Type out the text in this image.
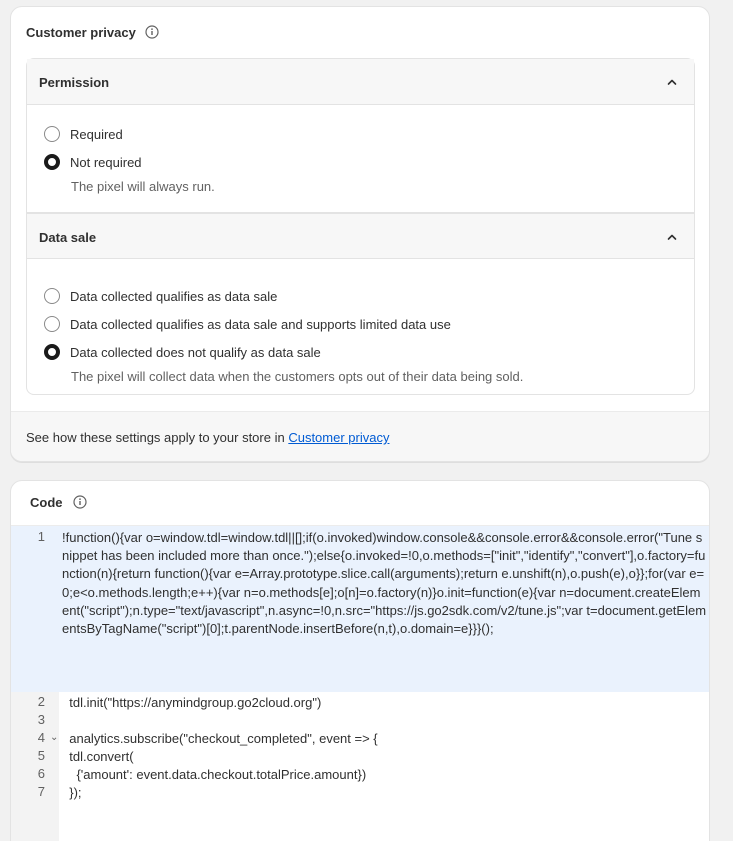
Customer privacy
Permission
Required
Not required
The pixel will always run.
Data sale
Data collected qualifies as data sale
Data collected qualifies as data sale and supports limited data use
Data collected does not qualify as data sale
The pixel will collect data when the customers opts out of their data being sold.
See how these settings apply to your store in Customer privacy
Code
1
2
3
4 ⌄
5
6
7
!function(){var o=window.tdl=window.tdl||[];if(o.invoked)window.console&&console.error&&console.error("Tune snippet has been included more than once.");else{o.invoked=!0,o.methods=["init","identify","convert"],o.factory=function(n){return function(){var e=Array.prototype.slice.call(arguments);return e.unshift(n),o.push(e),o}};for(var e=0;e<o.methods.length;e++){var n=o.methods[e];o[n]=o.factory(n)}o.init=function(e){var n=document.createElement("script");n.type="text/javascript",n.async=!0,n.src="https://js.go2sdk.com/v2/tune.js";var t=document.getElementsByTagName("script")[0];t.parentNode.insertBefore(n,t),o.domain=e}}}();
tdl.init("https://anymindgroup.go2cloud.org")
analytics.subscribe("checkout_completed", event => {
tdl.convert(
{'amount': event.data.checkout.totalPrice.amount})
});
